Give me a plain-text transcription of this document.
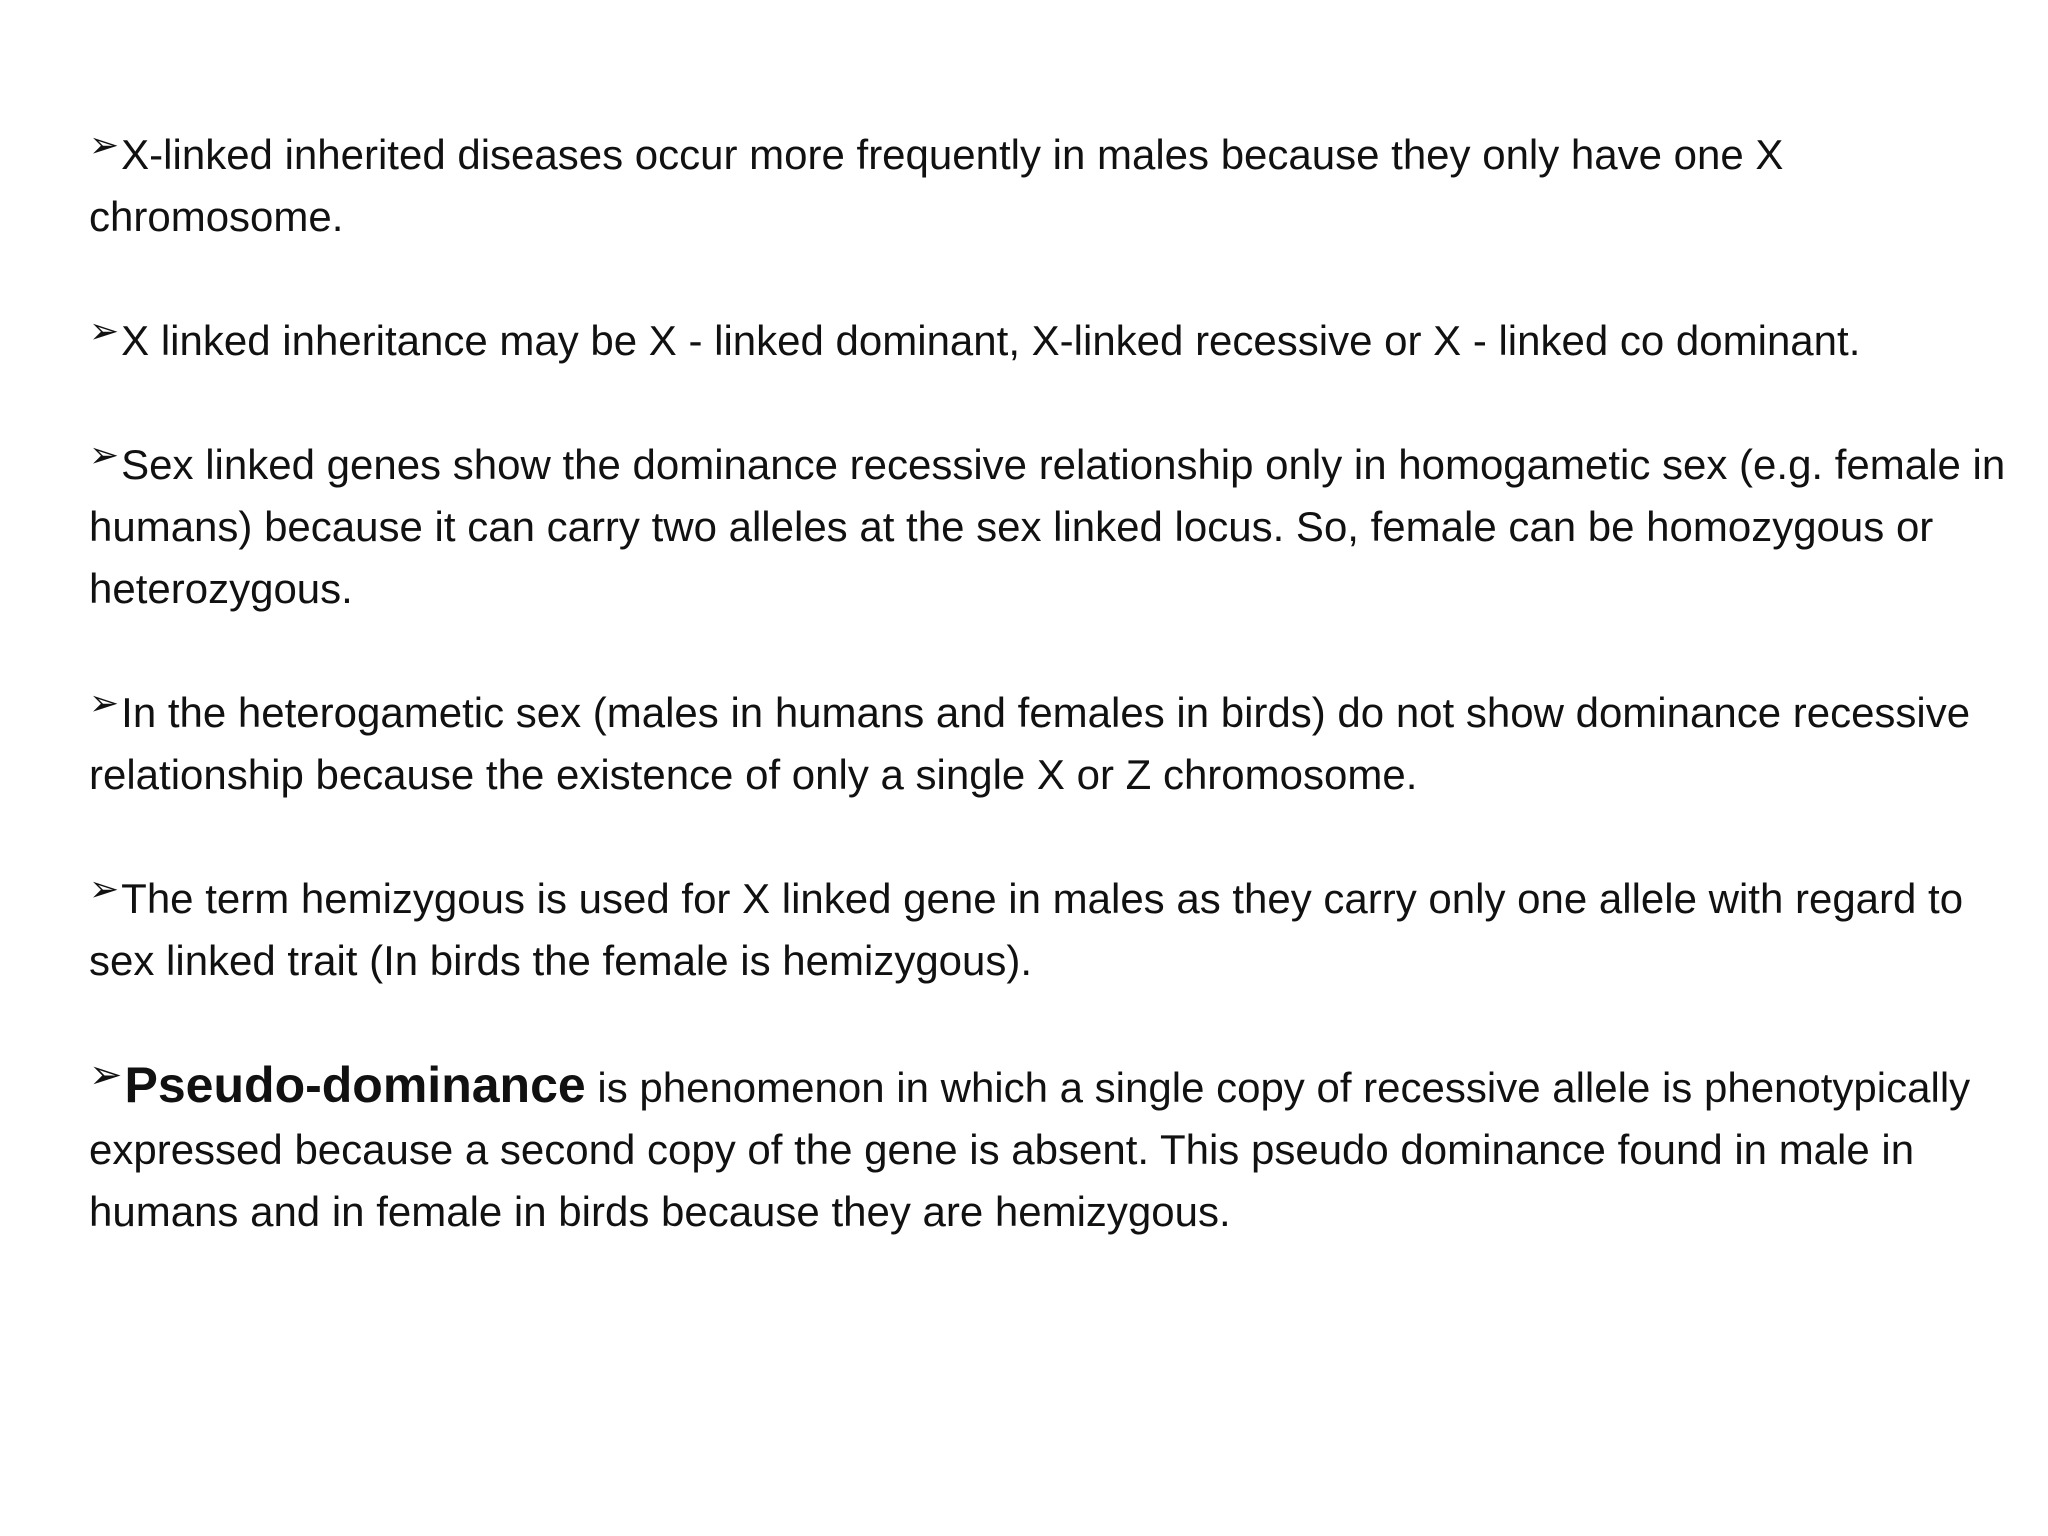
➢X-linked inherited diseases occur more frequently in males because they only have one X chromosome.

➢X linked inheritance may be X - linked dominant, X-linked recessive or X - linked co dominant.

➢Sex linked genes show the dominance recessive relationship only in homogametic sex (e.g. female in humans) because it can carry two alleles at the sex linked locus. So, female can be homozygous or heterozygous.

➢In the heterogametic sex (males in humans and females in birds) do not show dominance recessive relationship because the existence of only a single X or Z chromosome.

➢The term hemizygous is used for X linked gene in males as they carry only one allele with regard to sex linked trait (In birds the female is hemizygous).

➢Pseudo-dominance is phenomenon in which a single copy of recessive allele is phenotypically expressed because a second copy of the gene is absent. This pseudo dominance found in male in humans and in female in birds because they are hemizygous.
